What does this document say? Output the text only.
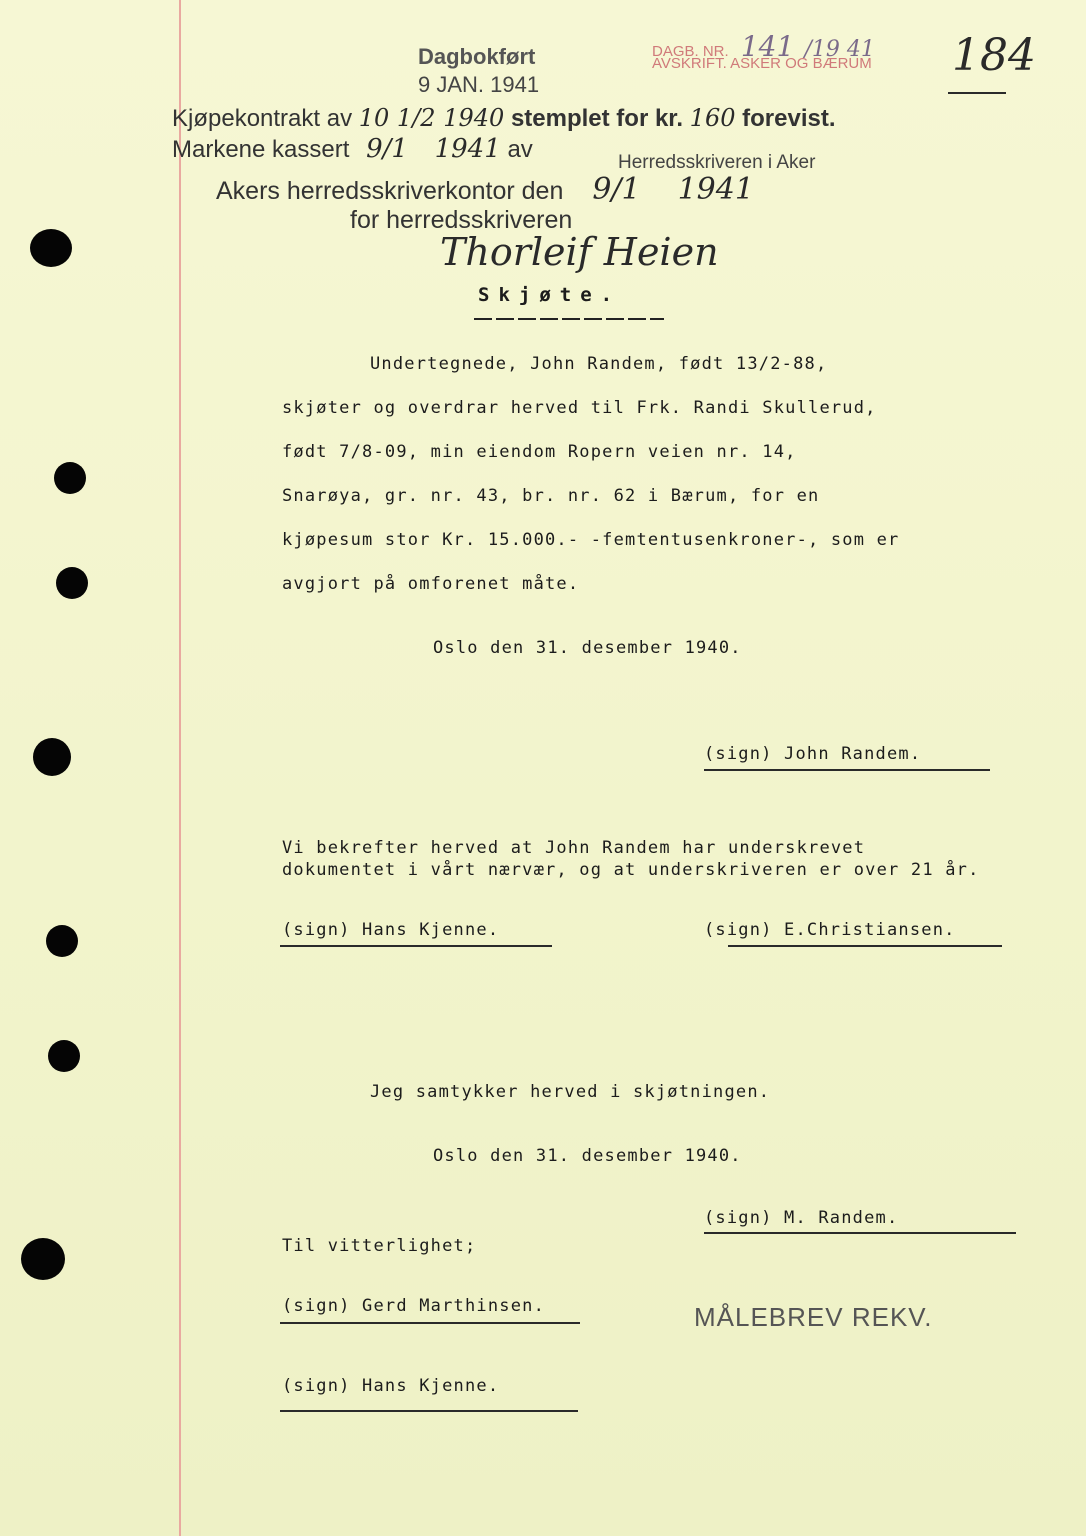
Dagbokført
9 JAN. 1941
DAGB. NR. 141 /19 41
AVSKRIFT. ASKER OG BÆRUM 184
Kjøpekontrakt av 10 1/2 1940 stemplet for kr. 160 forevist.
Markene kassert 9/1 1941 av	Herredsskriveren i Aker
Akers herredsskriverkontor den 9/1 1941
for herredsskriveren
Thorleif Heien
Skjøte.
Undertegnede, John Randem, født 13/2-88,
skjøter og overdrar herved til Frk. Randi Skullerud,
født 7/8-09, min eiendom Ropern veien nr. 14,
Snarøya, gr. nr. 43, br. nr. 62 i Bærum, for en
kjøpesum stor Kr. 15.000.- -femtentusenkroner-, som er
avgjort på omforenet måte.
Oslo den 31. desember 1940.
(sign) John Randem.
Vi bekrefter herved at John Randem har underskrevet
dokumentet i vårt nærvær, og at underskriveren er over 21 år.
(sign) Hans Kjenne.	(sign) E.Christiansen.
Jeg samtykker herved i skjøtningen.
Oslo den 31. desember 1940.
(sign) M. Randem.
Til vitterlighet;
(sign) Gerd Marthinsen.	MÅLEBREV REKV.
(sign) Hans Kjenne.
